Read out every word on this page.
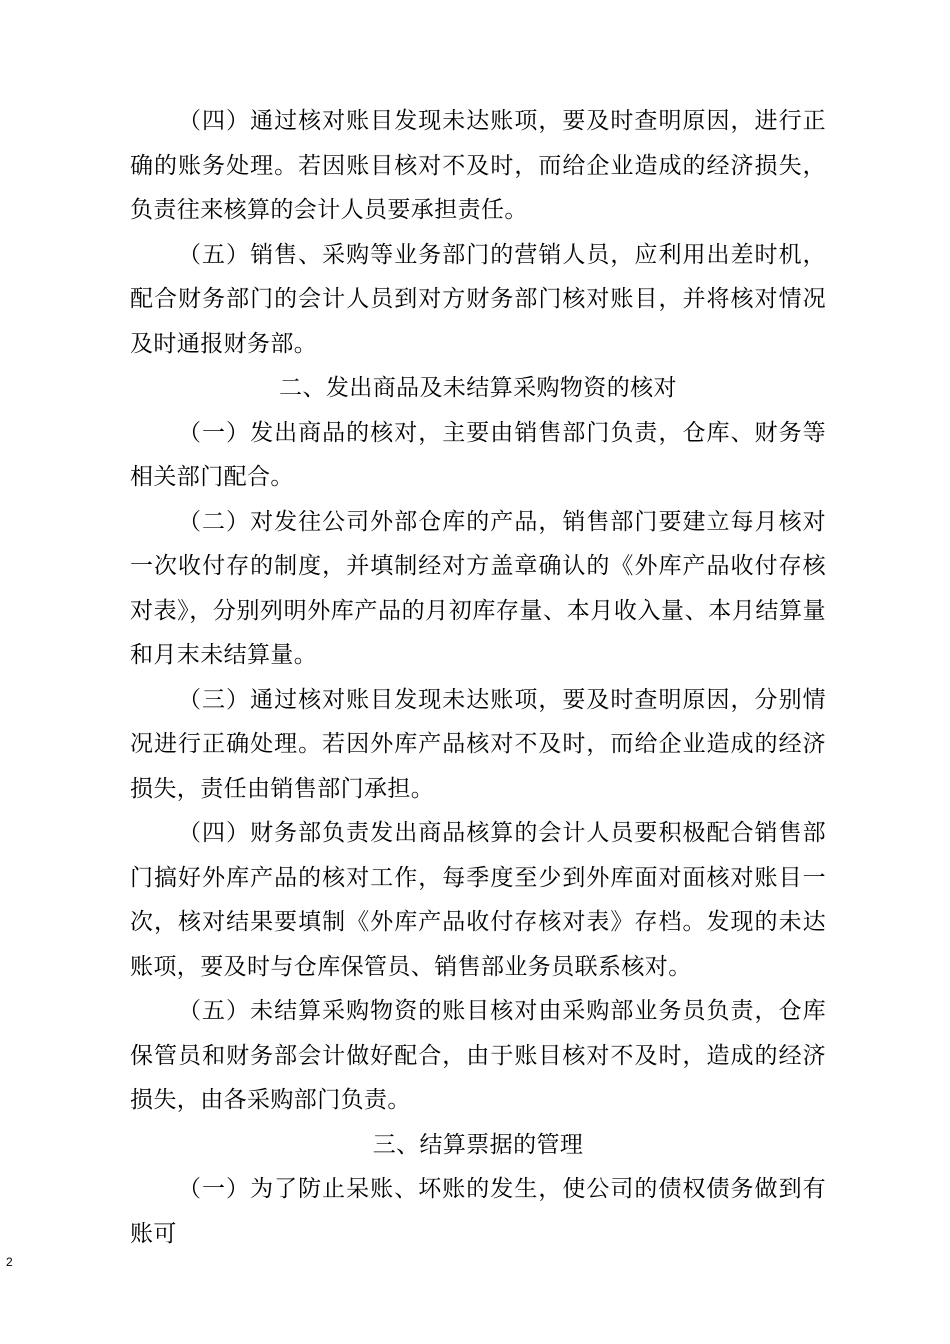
（四）通过核对账目发现未达账项，要及时查明原因，进行正确的账务处理。若因账目核对不及时，而给企业造成的经济损失，负责往来核算的会计人员要承担责任。

（五）销售、采购等业务部门的营销人员，应利用出差时机，配合财务部门的会计人员到对方财务部门核对账目，并将核对情况及时通报财务部。

二、发出商品及未结算采购物资的核对

（一）发出商品的核对，主要由销售部门负责，仓库、财务等相关部门配合。

（二）对发往公司外部仓库的产品，销售部门要建立每月核对一次收付存的制度，并填制经对方盖章确认的《外库产品收付存核对表》，分别列明外库产品的月初库存量、本月收入量、本月结算量和月末未结算量。

（三）通过核对账目发现未达账项，要及时查明原因，分别情况进行正确处理。若因外库产品核对不及时，而给企业造成的经济损失，责任由销售部门承担。

（四）财务部负责发出商品核算的会计人员要积极配合销售部门搞好外库产品的核对工作，每季度至少到外库面对面核对账目一次，核对结果要填制《外库产品收付存核对表》存档。发现的未达账项，要及时与仓库保管员、销售部业务员联系核对。

（五）未结算采购物资的账目核对由采购部业务员负责，仓库保管员和财务部会计做好配合，由于账目核对不及时，造成的经济损失，由各采购部门负责。

三、结算票据的管理

（一）为了防止呆账、坏账的发生，使公司的债权债务做到有账可

2
